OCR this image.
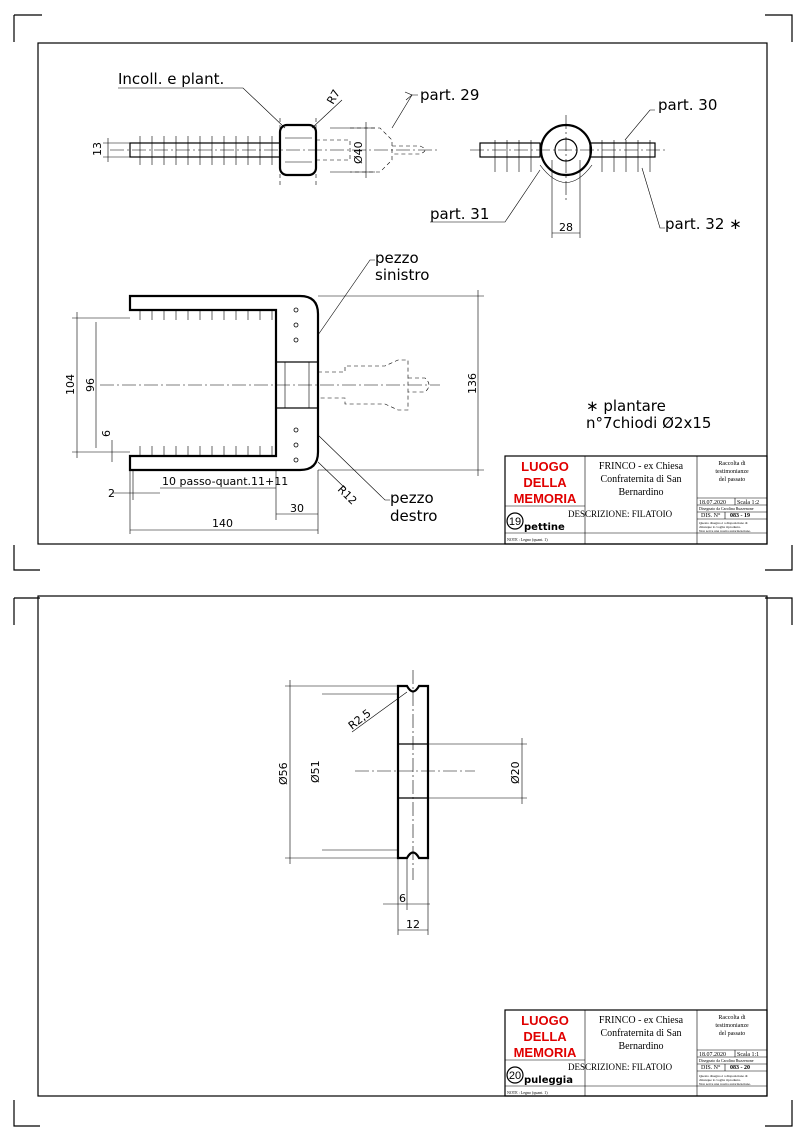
13	Ø40
R7
Incoll. e plant.
part. 29
28
part. 30
part. 31
part. 32 ∗
104 96
6
136
2
10 passo-quant.11+11
30
140
R12
pezzo
sinistro
pezzo
destro
∗ plantare
n°7chiodi Ø2x15
LUOGO
DELLA
MEMORIA
FRINCO - ex Chiesa
Confraternita di San
Bernardino
Raccolta di
testimonianze
del passato
18.07.2020 Scala 1:2
Disegnato da Carolina Ruzzenone
DIS. N° 083 - 19
Questo disegno è a disposizione di
chiunque lo voglia riprodurre.
Non serve una nostra autorizzazione.
19 pettine
DESCRIZIONE: FILATOIO
NOTE : Legno (quant. 1)
R2,5
Ø56 Ø51	Ø20
6
12
LUOGO
DELLA
MEMORIA
FRINCO - ex Chiesa
Confraternita di San
Bernardino
Raccolta di
testimonianze
del passato
18.07.2020 Scala 1:1
Disegnato da Carolina Ruzzenone
DIS. N° 083 - 20
Questo disegno è a disposizione di
chiunque lo voglia riprodurre.
Non serve una nostra autorizzazione.
20 puleggia
DESCRIZIONE: FILATOIO
NOTE : Legno (quant. 1)
